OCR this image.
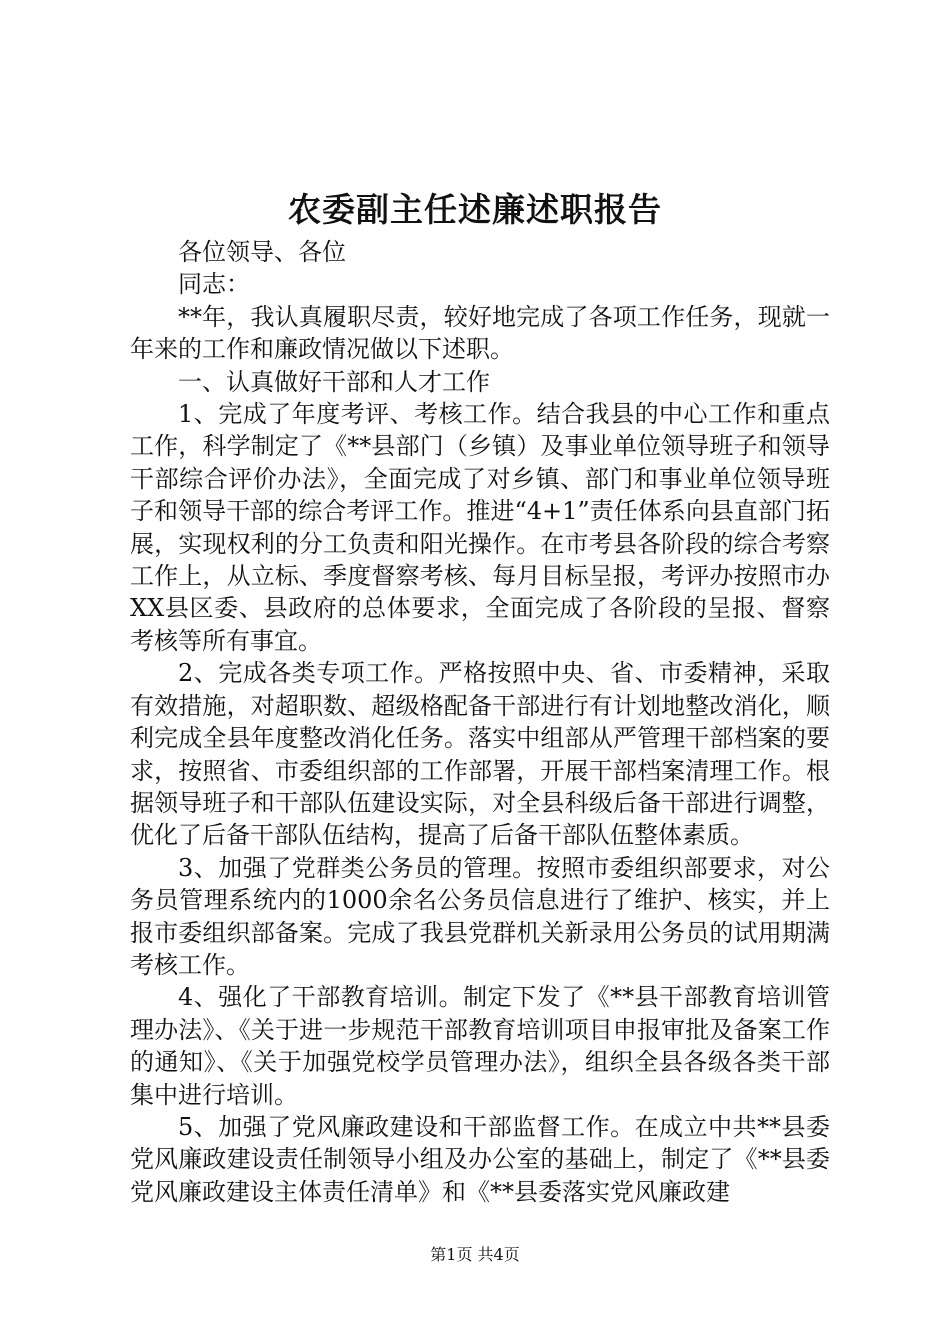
农委副主任述廉述职报告

各位领导、各位

同志：

**年，我认真履职尽责，较好地完成了各项工作任务，现就一年来的工作和廉政情况做以下述职。

一、认真做好干部和人才工作

1、完成了年度考评、考核工作。结合我县的中心工作和重点工作，科学制定了《**县部门（乡镇）及事业单位领导班子和领导干部综合评价办法》，全面完成了对乡镇、部门和事业单位领导班子和领导干部的综合考评工作。推进“4+1”责任体系向县直部门拓展，实现权利的分工负责和阳光操作。在市考县各阶段的综合考察工作上，从立标、季度督察考核、每月目标呈报，考评办按照市办XX县区委、县政府的总体要求，全面完成了各阶段的呈报、督察考核等所有事宜。

2、完成各类专项工作。严格按照中央、省、市委精神，采取有效措施，对超职数、超级格配备干部进行有计划地整改消化，顺利完成全县年度整改消化任务。落实中组部从严管理干部档案的要求，按照省、市委组织部的工作部署，开展干部档案清理工作。根据领导班子和干部队伍建设实际，对全县科级后备干部进行调整，优化了后备干部队伍结构，提高了后备干部队伍整体素质。

3、加强了党群类公务员的管理。按照市委组织部要求，对公务员管理系统内的1000余名公务员信息进行了维护、核实，并上报市委组织部备案。完成了我县党群机关新录用公务员的试用期满考核工作。

4、强化了干部教育培训。制定下发了《**县干部教育培训管理办法》、《关于进一步规范干部教育培训项目申报审批及备案工作的通知》、《关于加强党校学员管理办法》，组织全县各级各类干部集中进行培训。

5、加强了党风廉政建设和干部监督工作。在成立中共**县委党风廉政建设责任制领导小组及办公室的基础上，制定了《**县委党风廉政建设主体责任清单》和《**县委落实党风廉政建

第1页 共4页
